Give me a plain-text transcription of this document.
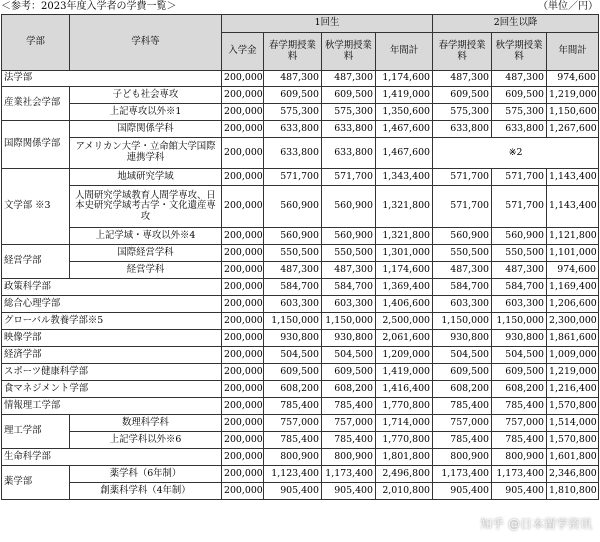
＜参考：2023年度入学者の学費一覧＞	（単位／円）
学部	学科等	1回生				2回生以降		
		入学金	春学期授業料	秋学期授業料	年間計	春学期授業料	秋学期授業料	年間計
法学部		200,000	487,300	487,300	1,174,600	487,300	487,300	974,600
産業社会学部	子ども社会専攻	200,000	609,500	609,500	1,419,000	609,500	609,500	1,219,000
	上記専攻以外※1	200,000	575,300	575,300	1,350,600	575,300	575,300	1,150,600
国際関係学部	国際関係学科	200,000	633,800	633,800	1,467,600	633,800	633,800	1,267,600
	アメリカン大学・立命館大学国際連携学科	200,000	633,800	633,800	1,467,600	※2		
文学部 ※3	地域研究学域	200,000	571,700	571,700	1,343,400	571,700	571,700	1,143,400
	人間研究学域教育人間学専攻、日本史研究学域考古学・文化遺産専攻	200,000	560,900	560,900	1,321,800	571,700	571,700	1,143,400
	上記学域・専攻以外※4	200,000	560,900	560,900	1,321,800	560,900	560,900	1,121,800
経営学部	国際経営学科	200,000	550,500	550,500	1,301,000	550,500	550,500	1,101,000
	経営学科	200,000	487,300	487,300	1,174,600	487,300	487,300	974,600
政策科学部		200,000	584,700	584,700	1,369,400	584,700	584,700	1,169,400
総合心理学部		200,000	603,300	603,300	1,406,600	603,300	603,300	1,206,600
グローバル教養学部※5		200,000	1,150,000	1,150,000	2,500,000	1,150,000	1,150,000	2,300,000
映像学部		200,000	930,800	930,800	2,061,600	930,800	930,800	1,861,600
経済学部		200,000	504,500	504,500	1,209,000	504,500	504,500	1,009,000
スポーツ健康科学部		200,000	609,500	609,500	1,419,000	609,500	609,500	1,219,000
食マネジメント学部		200,000	608,200	608,200	1,416,400	608,200	608,200	1,216,400
情報理工学部		200,000	785,400	785,400	1,770,800	785,400	785,400	1,570,800
理工学部	数理科学科	200,000	757,000	757,000	1,714,000	757,000	757,000	1,514,000
	上記学科以外※6	200,000	785,400	785,400	1,770,800	785,400	785,400	1,570,800
生命科学部		200,000	800,900	800,900	1,801,800	800,900	800,900	1,601,800
薬学部	薬学科（6年制）	200,000	1,123,400	1,173,400	2,496,800	1,173,400	1,173,400	2,346,800
	創薬科学科（4年制）	200,000	905,400	905,400	2,010,800	905,400	905,400	1,810,800
知乎 @日本留学资讯
